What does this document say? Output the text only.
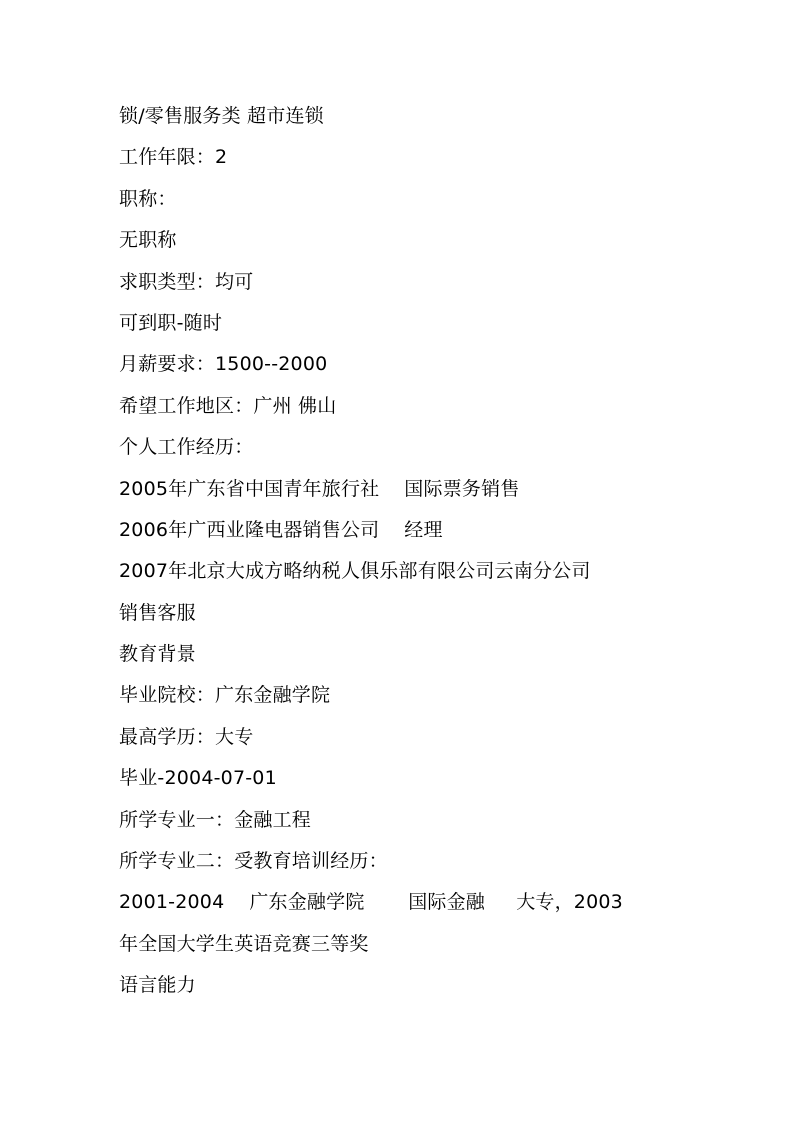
锁/零售服务类 超市连锁
工作年限：2
职称：
无职称
求职类型：均可
可到职-随时
月薪要求：1500--2000
希望工作地区：广州 佛山
个人工作经历：
2005年广东省中国青年旅行社    国际票务销售
2006年广西业隆电器销售公司    经理
2007年北京大成方略纳税人俱乐部有限公司云南分公司
销售客服
教育背景
毕业院校：广东金融学院
最高学历：大专
毕业-2004-07-01
所学专业一：金融工程
所学专业二：受教育培训经历：
2001-2004    广东金融学院       国际金融     大专，2003
年全国大学生英语竞赛三等奖
语言能力
